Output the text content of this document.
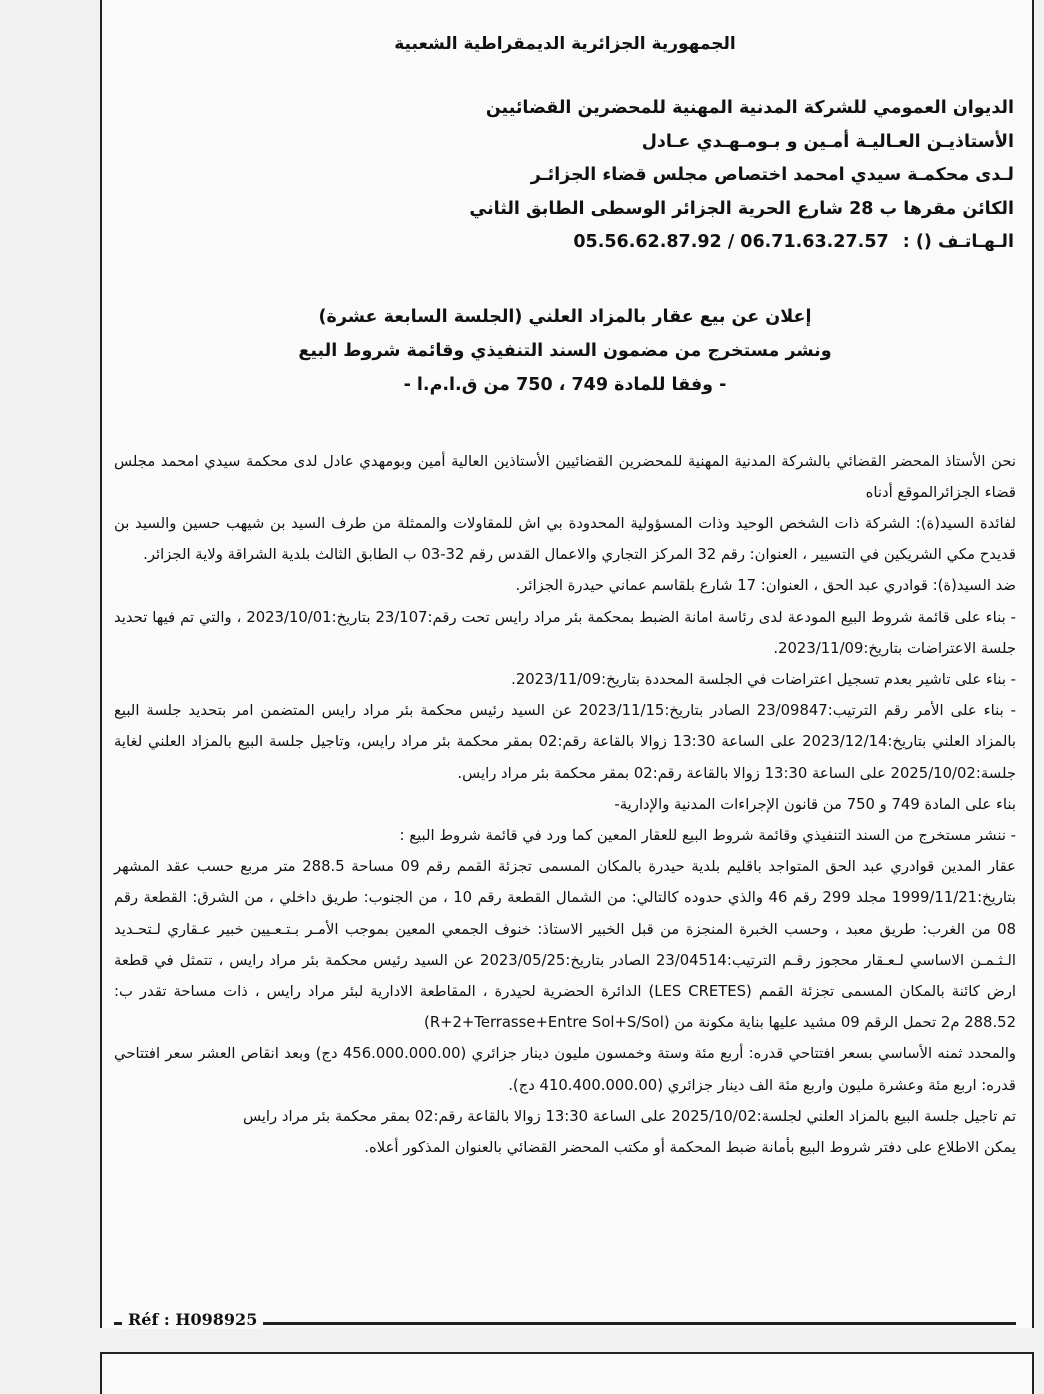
الجمهورية الجزائرية الديمقراطية الشعبية
الديوان العمومي للشركة المدنية المهنية للمحضرين القضائيين
الأستاذيـن العـاليـة أمـين و بـومـهـدي عـادل
لـدى محكمـة سيدي امحمد اختصاص مجلس قضاء الجزائـر
الكائن مقرها ب 28 شارع الحرية الجزائر الوسطى الطابق الثاني
الـهـاتـف () : 05.56.62.87.92 / 06.71.63.27.57
إعلان عن بيع عقار بالمزاد العلني (الجلسة السابعة عشرة)
ونشر مستخرج من مضمون السند التنفيذي وقائمة شروط البيع
- وفقا للمادة 749 ، 750 من ق.ا.م.ا -

نحن الأستاذ المحضر القضائي بالشركة المدنية المهنية للمحضرين القضائيين الأستاذين العالية أمين وبومهدي عادل لدى محكمة سيدي امحمد مجلس قضاء الجزائرالموقع أدناه

لفائدة السيد(ة): الشركة ذات الشخص الوحيد وذات المسؤولية المحدودة بي اش للمقاولات والممثلة من طرف السيد بن شيهب حسين والسيد بن قديدح مكي الشريكين في التسيير ، العنوان: رقم 32 المركز التجاري والاعمال القدس رقم 32-03 ب الطابق الثالث بلدية الشراقة ولاية الجزائر.

ضد السيد(ة): قوادري عبد الحق ، العنوان: 17 شارع بلقاسم عماني حيدرة الجزائر.

- بناء على قائمة شروط البيع المودعة لدى رئاسة امانة الضبط بمحكمة بئر مراد رايس تحت رقم:23/107 بتاريخ:2023/10/01 ، والتي تم فيها تحديد جلسة الاعتراضات بتاريخ:2023/11/09.

- بناء على تاشير بعدم تسجيل اعتراضات في الجلسة المحددة بتاريخ:2023/11/09.

- بناء على الأمر رقم الترتيب:23/09847 الصادر بتاريخ:2023/11/15 عن السيد رئيس محكمة بئر مراد رايس المتضمن امر بتحديد جلسة البيع بالمزاد العلني بتاريخ:2023/12/14 على الساعة 13:30 زوالا بالقاعة رقم:02 بمقر محكمة بئر مراد رايس، وتاجيل جلسة البيع بالمزاد العلني لغاية جلسة:2025/10/02 على الساعة 13:30 زوالا بالقاعة رقم:02 بمقر محكمة بئر مراد رايس.

بناء على المادة 749 و 750 من قانون الإجراءات المدنية والإدارية-

- ننشر مستخرج من السند التنفيذي وقائمة شروط البيع للعقار المعين كما ورد في قائمة شروط البيع :

عقار المدين قوادري عبد الحق المتواجد باقليم بلدية حيدرة بالمكان المسمى تجزئة القمم رقم 09 مساحة 288.5 متر مربع حسب عقد المشهر بتاريخ:1999/11/21 مجلد 299 رقم 46 والذي حدوده كالتالي: من الشمال القطعة رقم 10 ، من الجنوب: طريق داخلي ، من الشرق: القطعة رقم 08 من الغرب: طريق معبد ، وحسب الخبرة المنجزة من قبل الخبير الاستاذ: خنوف الجمعي المعين بموجب الأمـر بـتـعـيين خبير عـقاري لـتحـديد الـثـمـن الاساسي لـعـقار محجوز رقـم الترتيب:23/04514 الصادر بتاريخ:2023/05/25 عن السيد رئيس محكمة بئر مراد رايس ، تتمثل في قطعة ارض كائنة بالمكان المسمى تجزئة القمم (LES CRETES) الدائرة الحضرية لحيدرة ، المقاطعة الادارية لبئر مراد رايس ، ذات مساحة تقدر ب: 288.52 م2 تحمل الرقم 09 مشيد عليها بناية مكونة من (R+2+Terrasse+Entre Sol+S/Sol)

والمحدد ثمنه الأساسي بسعر افتتاحي قدره: أربع مئة وستة وخمسون مليون دينار جزائري (456.000.000.00 دج) وبعد انقاص العشر سعر افتتاحي قدره: اربع مئة وعشرة مليون واربع مئة الف دينار جزائري (410.400.000.00 دج).

تم تاجيل جلسة البيع بالمزاد العلني لجلسة:2025/10/02 على الساعة 13:30 زوالا بالقاعة رقم:02 بمقر محكمة بئر مراد رايس

يمكن الاطلاع على دفتر شروط البيع بأمانة ضبط المحكمة أو مكتب المحضر القضائي بالعنوان المذكور أعلاه.

Réf : H098925
